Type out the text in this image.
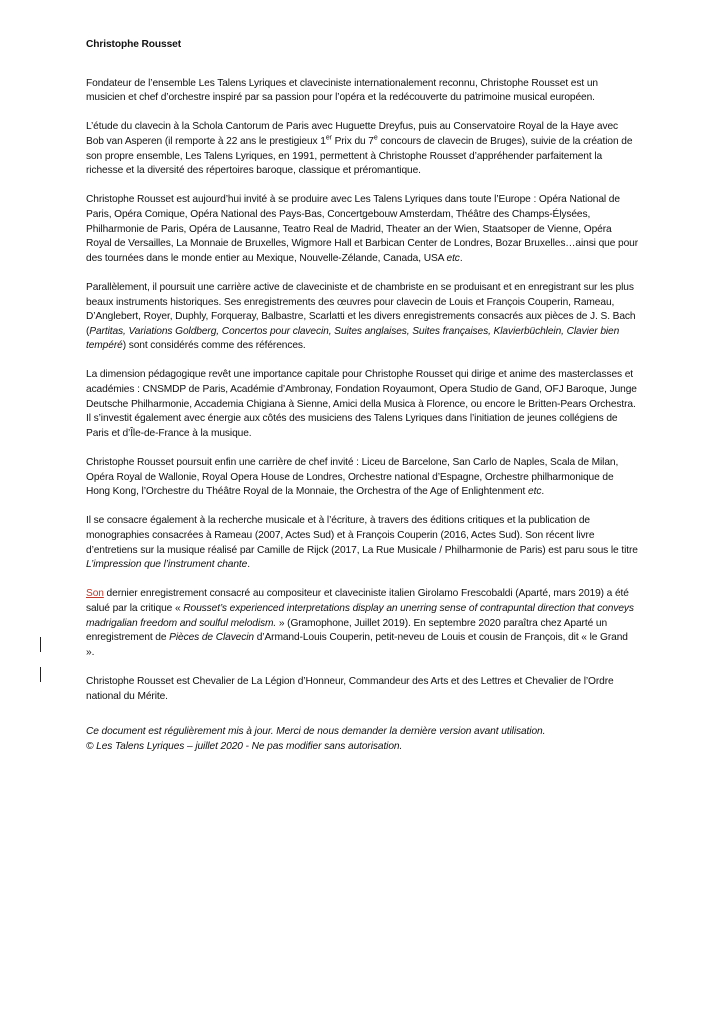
Christophe Rousset

Fondateur de l’ensemble Les Talens Lyriques et claveciniste internationalement reconnu, Christophe Rousset est un musicien et chef d’orchestre inspiré par sa passion pour l’opéra et la redécouverte du patrimoine musical européen.

L’étude du clavecin à la Schola Cantorum de Paris avec Huguette Dreyfus, puis au Conservatoire Royal de la Haye avec Bob van Asperen (il remporte à 22 ans le prestigieux 1er Prix du 7e concours de clavecin de Bruges), suivie de la création de son propre ensemble, Les Talens Lyriques, en 1991, permettent à Christophe Rousset d’appréhender parfaitement la richesse et la diversité des répertoires baroque, classique et préromantique.

Christophe Rousset est aujourd’hui invité à se produire avec Les Talens Lyriques dans toute l’Europe : Opéra National de Paris, Opéra Comique, Opéra National des Pays-Bas, Concertgebouw Amsterdam, Théâtre des Champs-Élysées, Philharmonie de Paris, Opéra de Lausanne, Teatro Real de Madrid, Theater an der Wien, Staatsoper de Vienne, Opéra Royal de Versailles, La Monnaie de Bruxelles, Wigmore Hall et Barbican Center de Londres, Bozar Bruxelles…ainsi que pour des tournées dans le monde entier au Mexique, Nouvelle-Zélande, Canada, USA etc.

Parallèlement, il poursuit une carrière active de claveciniste et de chambriste en se produisant et en enregistrant sur les plus beaux instruments historiques. Ses enregistrements des œuvres pour clavecin de Louis et François Couperin, Rameau, D’Anglebert, Royer, Duphly, Forqueray, Balbastre, Scarlatti et les divers enregistrements consacrés aux pièces de J. S. Bach (Partitas, Variations Goldberg, Concertos pour clavecin, Suites anglaises, Suites françaises, Klavierbüchlein, Clavier bien tempéré) sont considérés comme des références.

La dimension pédagogique revêt une importance capitale pour Christophe Rousset qui dirige et anime des masterclasses et académies : CNSMDP de Paris, Académie d’Ambronay, Fondation Royaumont, Opera Studio de Gand, OFJ Baroque, Junge Deutsche Philharmonie, Accademia Chigiana à Sienne, Amici della Musica à Florence, ou encore le Britten-Pears Orchestra. Il s’investit également avec énergie aux côtés des musiciens des Talens Lyriques dans l’initiation de jeunes collégiens de Paris et d’Île-de-France à la musique.

Christophe Rousset poursuit enfin une carrière de chef invité : Liceu de Barcelone, San Carlo de Naples, Scala de Milan, Opéra Royal de Wallonie, Royal Opera House de Londres, Orchestre national d’Espagne, Orchestre philharmonique de Hong Kong, l’Orchestre du Théâtre Royal de la Monnaie, the Orchestra of the Age of Enlightenment etc.

Il se consacre également à la recherche musicale et à l’écriture, à travers des éditions critiques et la publication de monographies consacrées à Rameau (2007, Actes Sud) et à François Couperin (2016, Actes Sud). Son récent livre d’entretiens sur la musique réalisé par Camille de Rijck (2017, La Rue Musicale / Philharmonie de Paris) est paru sous le titre L’impression que l’instrument chante.

Son dernier enregistrement consacré au compositeur et claveciniste italien Girolamo Frescobaldi (Aparté, mars 2019) a été salué par la critique « Rousset’s experienced interpretations display an unerring sense of contrapuntal direction that conveys madrigalian freedom and soulful melodism. » (Gramophone, Juillet 2019). En septembre 2020 paraîtra chez Aparté un enregistrement de Pièces de Clavecin d’Armand-Louis Couperin, petit-neveu de Louis et cousin de François, dit « le Grand ».

Christophe Rousset est Chevalier de La Légion d’Honneur, Commandeur des Arts et des Lettres et Chevalier de l’Ordre national du Mérite.

Ce document est régulièrement mis à jour. Merci de nous demander la dernière version avant utilisation.
© Les Talens Lyriques – juillet 2020 - Ne pas modifier sans autorisation.
